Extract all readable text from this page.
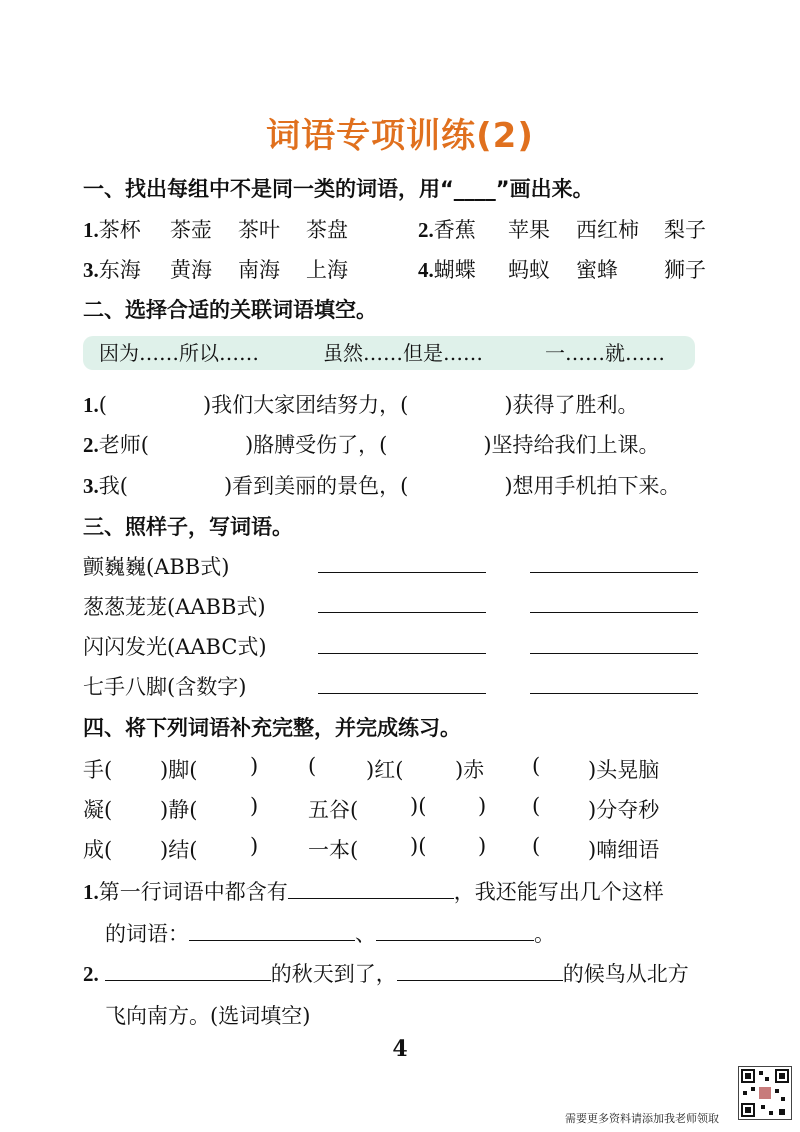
词语专项训练(2)
一、找出每组中不是同一类的词语，用“____”画出来。
1.茶杯 茶壶 茶叶 茶盘	2.香蕉 苹果 西红柿 梨子
3.东海 黄海 南海 上海	4.蝴蝶 蚂蚁 蜜蜂 狮子
二、选择合适的关联词语填空。
因为……所以……	虽然……但是……	一……就……
1.(	)我们大家团结努力，(	)获得了胜利。
2.老师(	)胳膊受伤了，(	)坚持给我们上课。
3.我(	)看到美丽的景色，(	)想用手机拍下来。
三、照样子，写词语。
颤巍巍(ABB式)
葱葱茏茏(AABB式)
闪闪发光(AABC式)
七手八脚(含数字)
四、将下列词语补充完整，并完成练习。
手( )脚(	) ( )红( )赤 ( )头晃脑
凝( )静(	) 五谷( )( ) ( )分夺秒
成( )结(	) 一本( )( ) ( )喃细语
1.第一行词语中都含有	，我还能写出几个这样
的词语：	、	。
2.	的秋天到了，	的候鸟从北方
飞向南方。(选词填空)
4
需要更多资料请添加我老师领取
